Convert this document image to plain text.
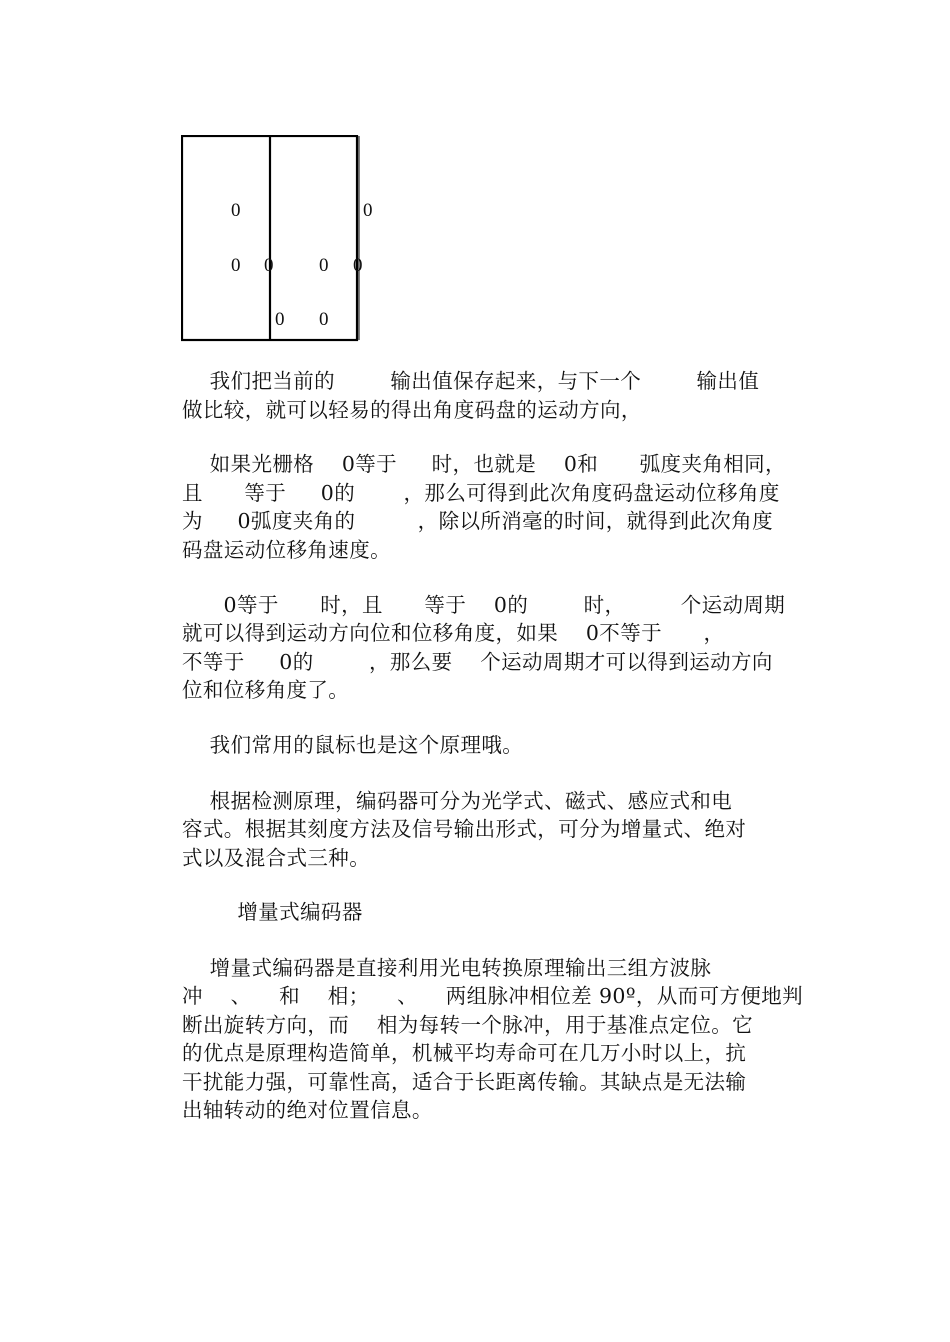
0	0
0 0 0 0
0 0
我们把当前的        输出值保存起来，与下一个        输出值
做比较，就可以轻易的得出角度码盘的运动方向，
如果光栅格    0等于     时，也就是    0和      弧度夹角相同，
且      等于     0的       ，那么可得到此次角度码盘运动位移角度
为     0弧度夹角的         ，除以所消毫的时间，就得到此次角度
码盘运动位移角速度。
0等于      时，且      等于    0的        时，        个运动周期
就可以得到运动方向位和位移角度，如果    0不等于      ，
不等于     0的        ，那么要    个运动周期才可以得到运动方向
位和位移角度了。
我们常用的鼠标也是这个原理哦。
根据检测原理，编码器可分为光学式、磁式、感应式和电
容式。根据其刻度方法及信号输出形式，可分为增量式、绝对
式以及混合式三种。
增量式编码器
增量式编码器是直接利用光电转换原理输出三组方波脉
冲    、    和    相；    、    两组脉冲相位差 90º，从而可方便地判
断出旋转方向，而    相为每转一个脉冲，用于基准点定位。它
的优点是原理构造简单，机械平均寿命可在几万小时以上，抗
干扰能力强，可靠性高，适合于长距离传输。其缺点是无法输
出轴转动的绝对位置信息。
